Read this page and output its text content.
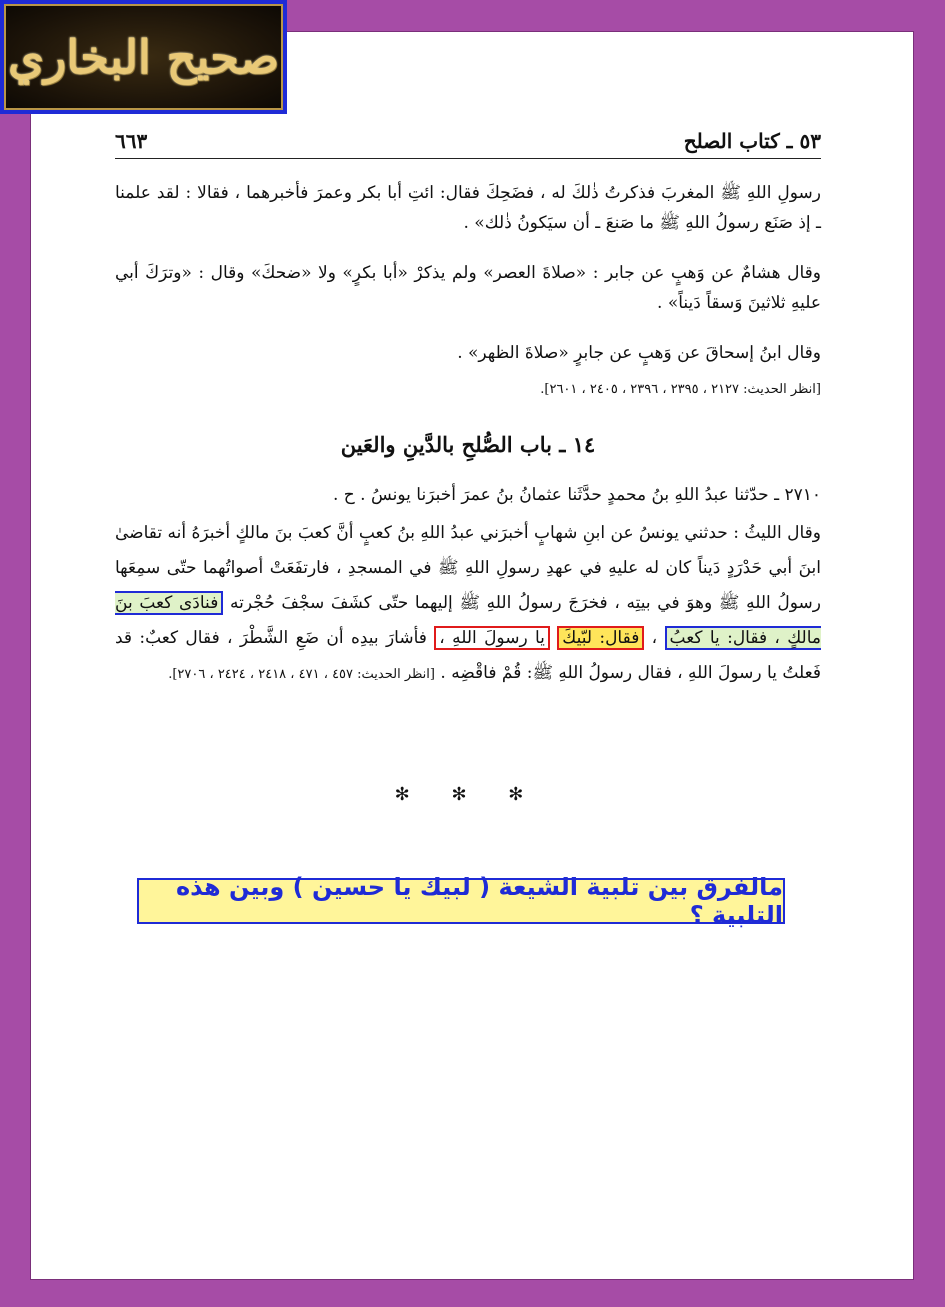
صحيح البخاري
٥٣ ـ كتاب الصلح
٦٦٣
رسولِ اللهِ ﷺ المغربَ فذكرتُ ذٰلكَ له ، فضَحِكَ فقال: ائتِ أبا بكر وعمرَ فأخبرهما ، فقالا : لقد علمنا ـ إذ صَنَع رسولُ اللهِ ﷺ ما صَنعَ ـ أن سيَكونُ ذٰلك» .
وقال هشامٌ عن وَهبٍ عن جابر : «صلاةَ العصر» ولم يذكرْ «أبا بكرٍ» ولا «ضحكَ» وقال : «وترَكَ أبي عليهِ ثلاثينَ وَسقاً دَيناً» .
وقال ابنُ إسحاقَ عن وَهبٍ عن جابرٍ «صلاةَ الظهر» .
[انظر الحديث: ٢١٢٧ ، ٢٣٩٥ ، ٢٣٩٦ ، ٢٤٠٥ ، ٢٦٠١].
١٤ ـ باب الصُّلحِ بالدَّينِ والعَين
٢٧١٠ ـ حدّثنا عبدُ اللهِ بنُ محمدٍ حدَّثَنا عثمانُ بنُ عمرَ أخبرَنا يونسُ . ح .
وقال الليثُ : حدثني يونسُ عن ابنِ شهابٍ أخبرَني عبدُ اللهِ بنُ كعبٍ أنَّ كعبَ بنَ مالكٍ أخبرَهُ أنه تقاضىٰ ابنَ أبي حَدْرَدٍ دَيناً كان له عليهِ في عهدِ رسولِ اللهِ ﷺ في المسجدِ ، فارتفَعَتْ أصواتُهما حتّى سمِعَها رسولُ اللهِ ﷺ وهوَ في بيتِه ، فخرَجَ رسولُ اللهِ ﷺ إليهما حتّى كشَفَ سجْفَ حُجْرته فنادَى كعبَ بنَ مالكٍ ، فقال: يا كعبُ ، فقال: لبّيكَ يا رسولَ اللهِ ، فأشارَ بيدِه أن ضَعِ الشَّطْرَ ، فقال كعبٌ: قد فَعلتُ يا رسولَ اللهِ ، فقال رسولُ اللهِ ﷺ: قُمْ فاقْضِه . [انظر الحديث: ٤٥٧ ، ٤٧١ ، ٢٤١٨ ، ٢٤٢٤ ، ٢٧٠٦].
✻ ✻ ✻
مالفرق بين تلبية الشيعة ( لبيك يا حسين ) وبين هذه التلبية ؟
